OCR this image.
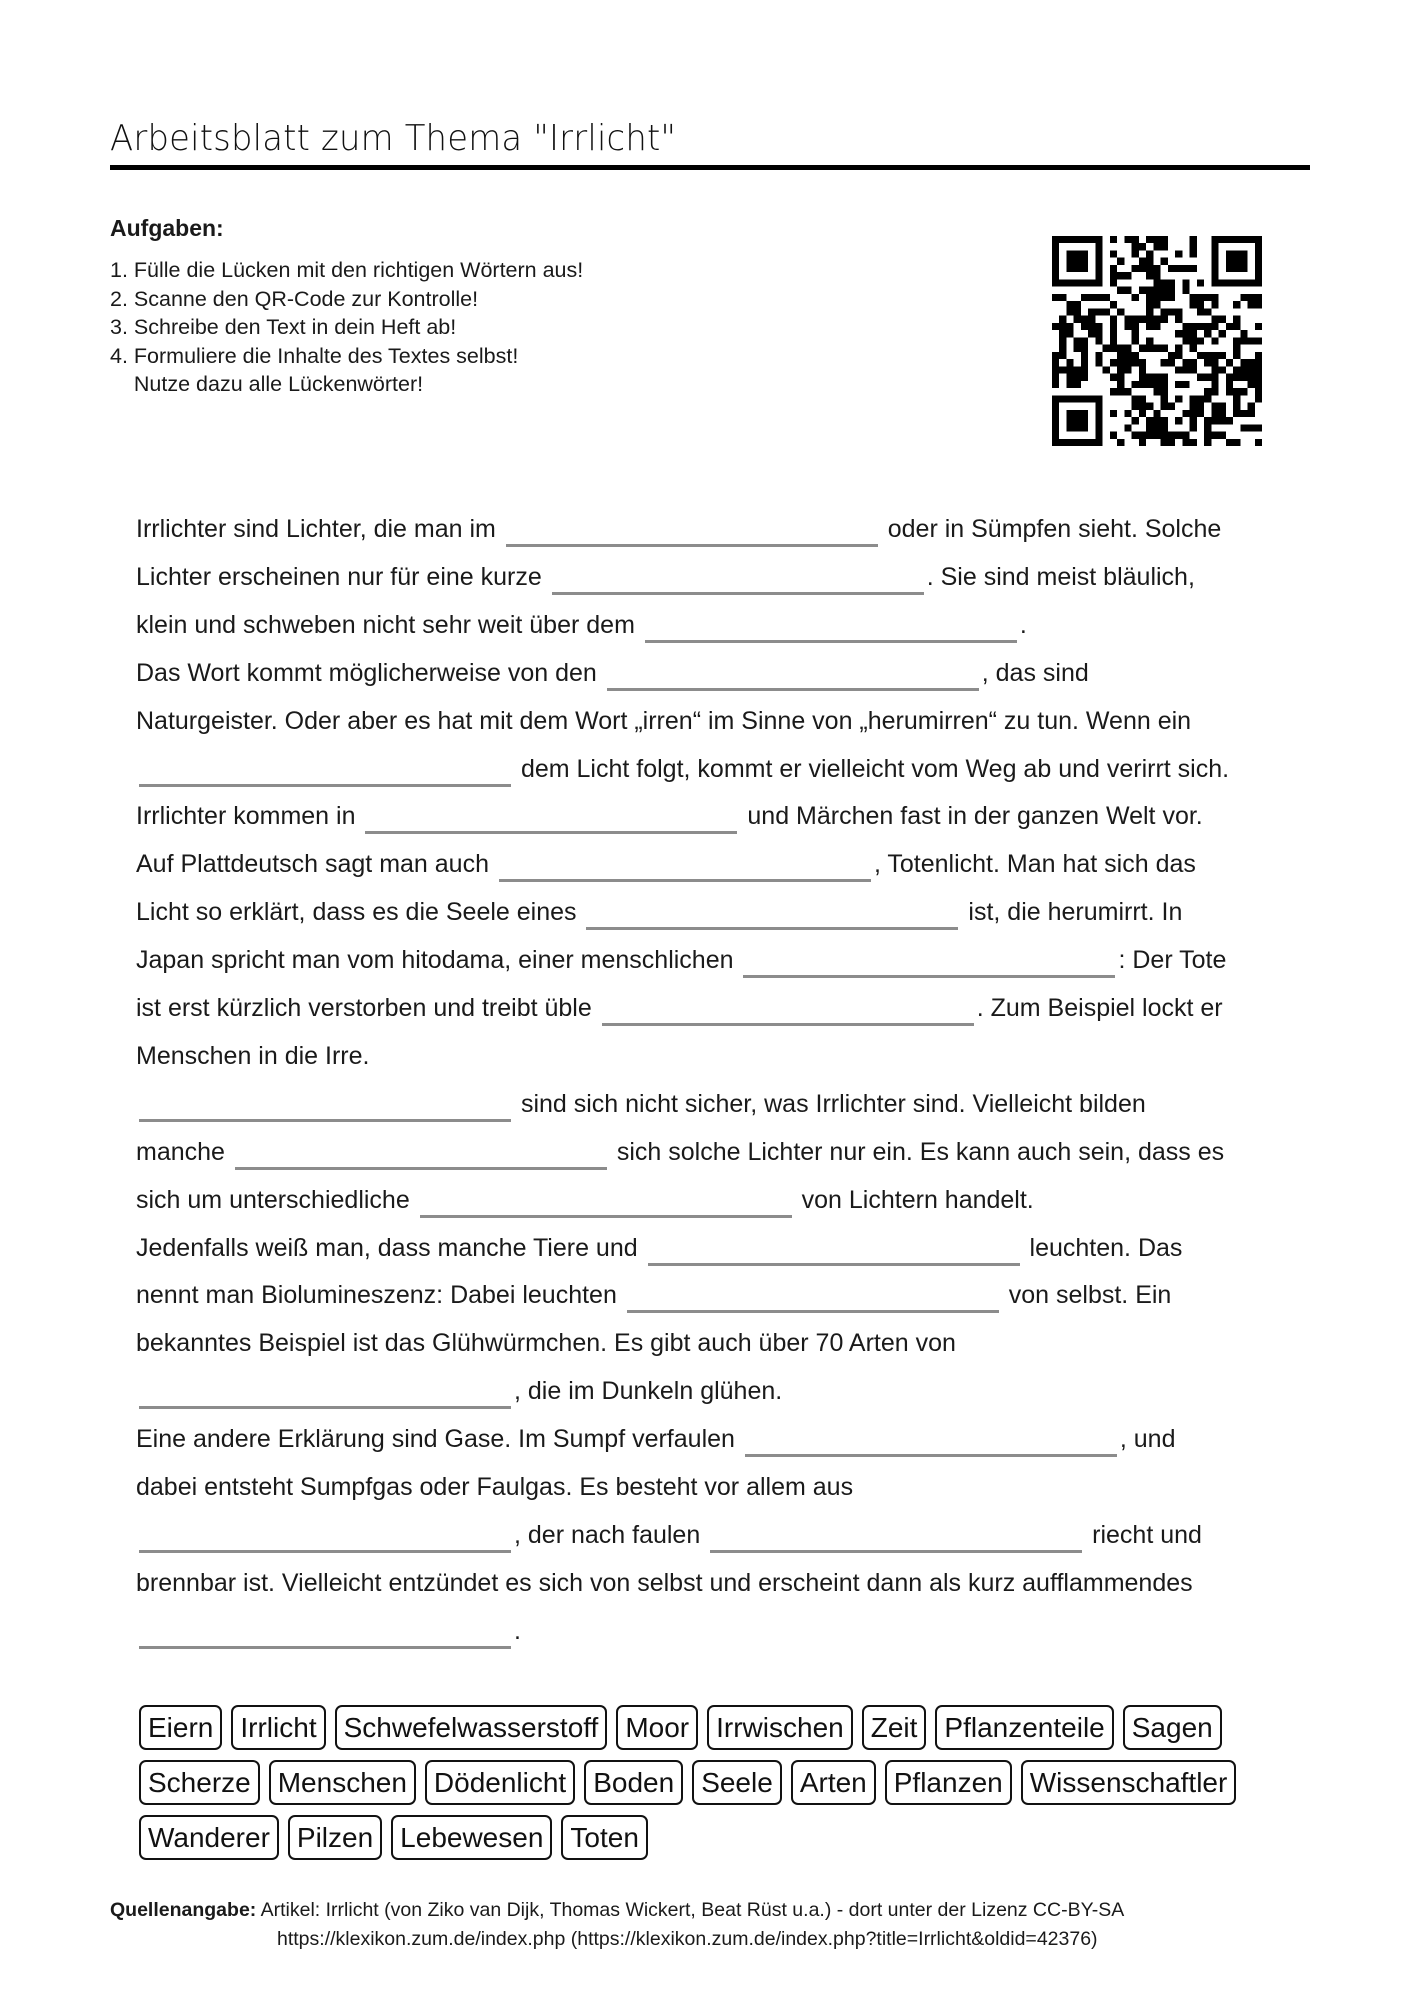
Arbeitsblatt zum Thema "Irrlicht"
Aufgaben:
1. Fülle die Lücken mit den richtigen Wörtern aus!
2. Scanne den QR-Code zur Kontrolle!
3. Schreibe den Text in dein Heft ab!
4. Formuliere die Inhalte des Textes selbst!
Nutze dazu alle Lückenwörter!
Irrlichter sind Lichter, die man im	oder in Sümpfen sieht. Solche
Lichter erscheinen nur für eine kurze	. Sie sind meist bläulich,
klein und schweben nicht sehr weit über dem	.
Das Wort kommt möglicherweise von den	, das sind
Naturgeister. Oder aber es hat mit dem Wort „irren“ im Sinne von „herumirren“ zu tun. Wenn ein
dem Licht folgt, kommt er vielleicht vom Weg ab und verirrt sich.
Irrlichter kommen in	und Märchen fast in der ganzen Welt vor.
Auf Plattdeutsch sagt man auch	, Totenlicht. Man hat sich das
Licht so erklärt, dass es die Seele eines	ist, die herumirrt. In
Japan spricht man vom hitodama, einer menschlichen	: Der Tote
ist erst kürzlich verstorben und treibt üble	. Zum Beispiel lockt er
Menschen in die Irre.
sind sich nicht sicher, was Irrlichter sind. Vielleicht bilden
manche	sich solche Lichter nur ein. Es kann auch sein, dass es
sich um unterschiedliche	von Lichtern handelt.
Jedenfalls weiß man, dass manche Tiere und	leuchten. Das
nennt man Biolumineszenz: Dabei leuchten	von selbst. Ein
bekanntes Beispiel ist das Glühwürmchen. Es gibt auch über 70 Arten von
, die im Dunkeln glühen.
Eine andere Erklärung sind Gase. Im Sumpf verfaulen	, und
dabei entsteht Sumpfgas oder Faulgas. Es besteht vor allem aus
, der nach faulen	riecht und
brennbar ist. Vielleicht entzündet es sich von selbst und erscheint dann als kurz aufflammendes
.
Eiern Irrlicht Schwefelwasserstoff Moor Irrwischen Zeit Pflanzenteile Sagen
Scherze Menschen Dödenlicht Boden Seele Arten Pflanzen Wissenschaftler
Wanderer Pilzen Lebewesen Toten
Quellenangabe: Artikel: Irrlicht (von Ziko van Dijk, Thomas Wickert, Beat Rüst u.a.) - dort unter der Lizenz CC-BY-SA
https://klexikon.zum.de/index.php (https://klexikon.zum.de/index.php?title=Irrlicht&oldid=42376)
